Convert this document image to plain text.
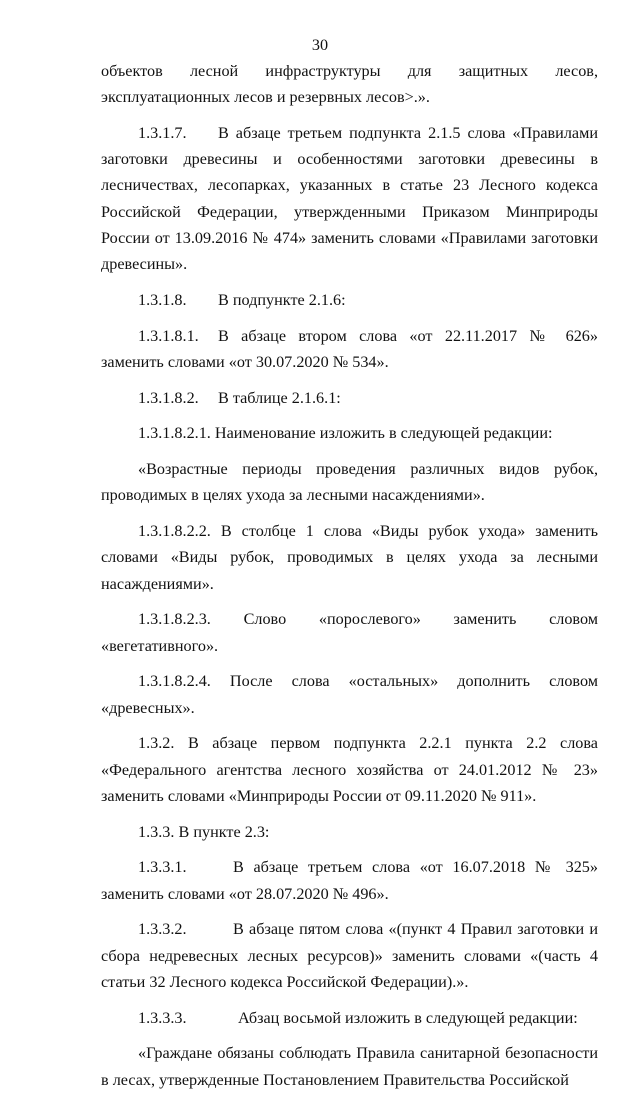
30

объектов лесной инфраструктуры для защитных лесов, эксплуатационных лесов и резервных лесов>.».

1.3.1.7. В абзаце третьем подпункта 2.1.5 слова «Правилами заготовки древесины и особенностями заготовки древесины в лесничествах, лесопарках, указанных в статье 23 Лесного кодекса Российской Федерации, утвержденными Приказом Минприроды России от 13.09.2016 № 474» заменить словами «Правилами заготовки древесины».

1.3.1.8. В подпункте 2.1.6:

1.3.1.8.1. В абзаце втором слова «от 22.11.2017 № 626» заменить словами «от 30.07.2020 № 534».

1.3.1.8.2. В таблице 2.1.6.1:

1.3.1.8.2.1. Наименование изложить в следующей редакции:

«Возрастные периоды проведения различных видов рубок, проводимых в целях ухода за лесными насаждениями».

1.3.1.8.2.2. В столбце 1 слова «Виды рубок ухода» заменить словами «Виды рубок, проводимых в целях ухода за лесными насаждениями».

1.3.1.8.2.3. Слово «порослевого» заменить словом «вегетативного».

1.3.1.8.2.4. После слова «остальных» дополнить словом «древесных».

1.3.2. В абзаце первом подпункта 2.2.1 пункта 2.2 слова «Федерального агентства лесного хозяйства от 24.01.2012 № 23» заменить словами «Минприроды России от 09.11.2020 № 911».

1.3.3. В пункте 2.3:

1.3.3.1.	В абзаце третьем слова «от 16.07.2018 № 325» заменить словами «от 28.07.2020 № 496».

1.3.3.2.	В абзаце пятом слова «(пункт 4 Правил заготовки и сбора недревесных лесных ресурсов)» заменить словами «(часть 4 статьи 32 Лесного кодекса Российской Федерации).».

1.3.3.3.	Абзац восьмой изложить в следующей редакции:

«Граждане обязаны соблюдать Правила санитарной безопасности в лесах, утвержденные Постановлением Правительства Российской
